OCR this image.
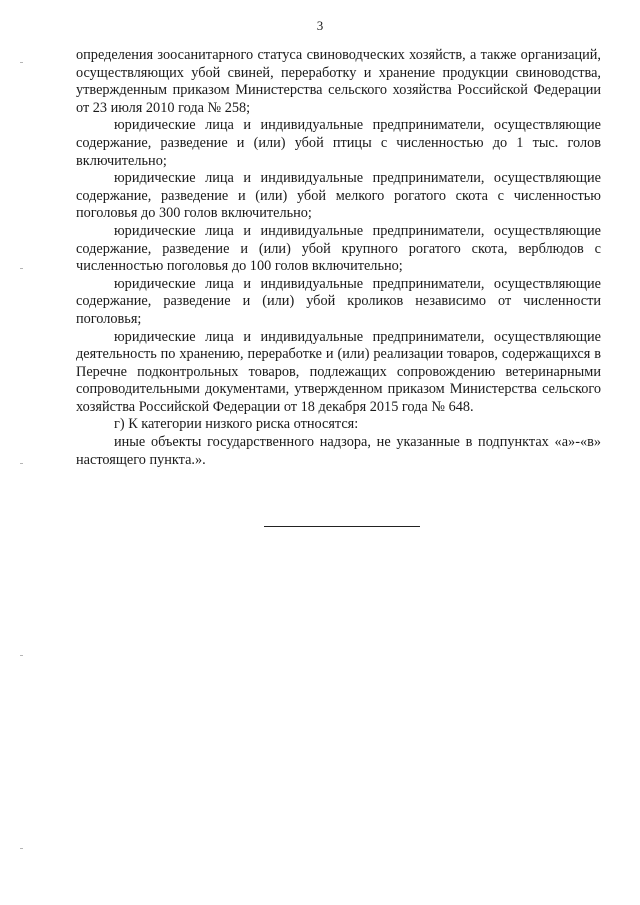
3

определения зоосанитарного статуса свиноводческих хозяйств, а также организаций, осуществляющих убой свиней, переработку и хранение продукции свиноводства, утвержденным приказом Министерства сельского хозяйства Российской Федерации от 23 июля 2010 года № 258;

юридические лица и индивидуальные предприниматели, осуществляющие содержание, разведение и (или) убой птицы с численностью до 1 тыс. голов включительно;

юридические лица и индивидуальные предприниматели, осуществляющие содержание, разведение и (или) убой мелкого рогатого скота с численностью поголовья до 300 голов включительно;

юридические лица и индивидуальные предприниматели, осуществляющие содержание, разведение и (или) убой крупного рогатого скота, верблюдов с численностью поголовья до 100 голов включительно;

юридические лица и индивидуальные предприниматели, осуществляющие содержание, разведение и (или) убой кроликов независимо от численности поголовья;

юридические лица и индивидуальные предприниматели, осуществляющие деятельность по хранению, переработке и (или) реализации товаров, содержащихся в Перечне подконтрольных товаров, подлежащих сопровождению ветеринарными сопроводительными документами, утвержденном приказом Министерства сельского хозяйства Российской Федерации от 18 декабря 2015 года № 648.

г) К категории низкого риска относятся:

иные объекты государственного надзора, не указанные в подпунктах «а»-«в» настоящего пункта.».
